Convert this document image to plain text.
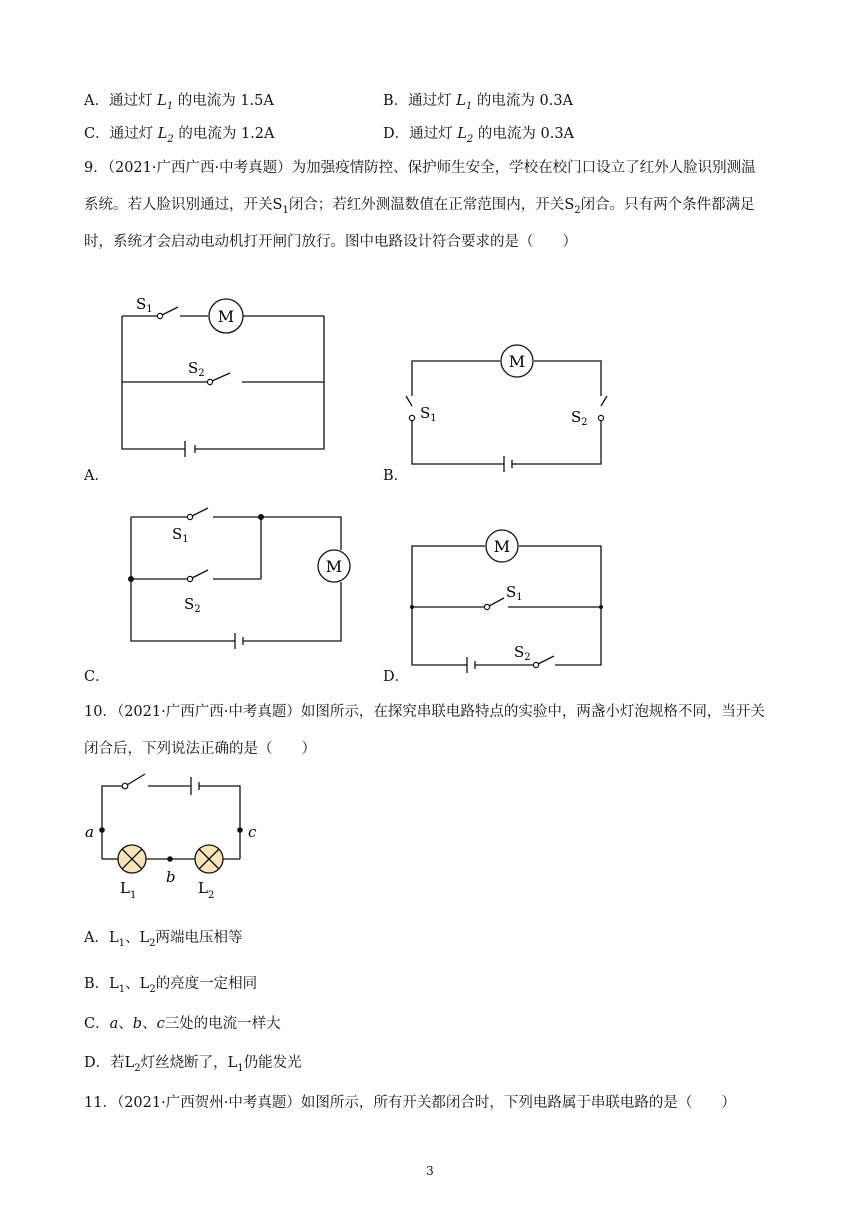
A．通过灯 $L_1$ 的电流为 1.5A	B．通过灯 $L_1$ 的电流为 0.3A
C．通过灯 $L_2$ 的电流为 1.2A	D．通过灯 $L_2$ 的电流为 0.3A
9．（2021·广西广西·中考真题）为加强疫情防控、保护师生安全，学校在校门口设立了红外人脸识别测温
系统。若人脸识别通过，开关$S_1$闭合；若红外测温数值在正常范围内，开关$S_2$闭合。只有两个条件都满足
时，系统才会启动电动机打开闸门放行。图中电路设计符合要求的是（　　）
M
$S_1$
$S_2$
A．
M
$S_1$	$S_2$
B．
M
$S_1$
$S_2$
C．
M
$S_1$
$S_2$
D．
10．（2021·广西广西·中考真题）如图所示，在探究串联电路特点的实验中，两盏小灯泡规格不同，当开关
闭合后，下列说法正确的是（　　）
a
b
c
$L_1$	$L_2$
A．$L_1$、$L_2$两端电压相等
B．$L_1$、$L_2$的亮度一定相同
C．a、b、c三处的电流一样大
D．若$L_2$灯丝烧断了，$L_1$仍能发光
11．（2021·广西贺州·中考真题）如图所示，所有开关都闭合时，下列电路属于串联电路的是（　　）
3
